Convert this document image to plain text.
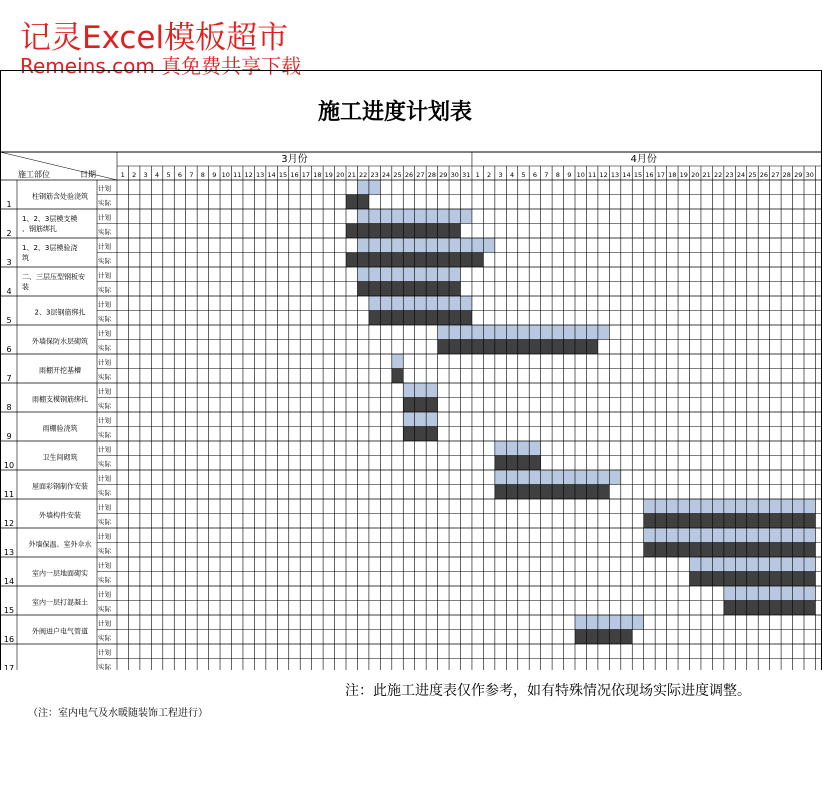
记灵Excel模板超市
Remeins.com 真免费共享下载
施工部位	日期
3月份
1 2 3 4 5 6 7 8 9 10 11 12 13 14 15 16 17 18 19 20 21 22 23 24 25 26 27 28 29 30 31
4月份
1 2 3 4 5 6 7 8 9 10 11 12 13 14 15 16 17 18 19 20 21 22 23 24 25 26 27 28 29 30
1
柱钢筋含处验浇筑
计划
实际
2
1、2、3层模支模
、钢筋绑扎
计划
实际
3
1、2、3层模验浇
筑
计划
实际
4
二、三层压型钢板安
装
计划
实际
5
2、3层钢筋绑扎
计划
实际
6
外墙保防水层砌筑
计划
实际
7
雨棚开挖基槽
计划
实际
8
雨棚支模钢筋绑扎
计划
实际
9
雨棚验浇筑
计划
实际
10
卫生间砌筑
计划
实际
11
屋面彩钢制作安装
计划
实际
12
外墙构件安装
计划
实际
13
外墙保温、室外伞水
计划
实际
14
室内一层地面砌实
计划
实际
15
室内一层打混凝土
计划
实际
16
外阀进户电气管道
计划
实际
17
计划
实际
施工进度计划表
注：此施工进度表仅作参考，如有特殊情况依现场实际进度调整。
（注：室内电气及水暖随装饰工程进行）
